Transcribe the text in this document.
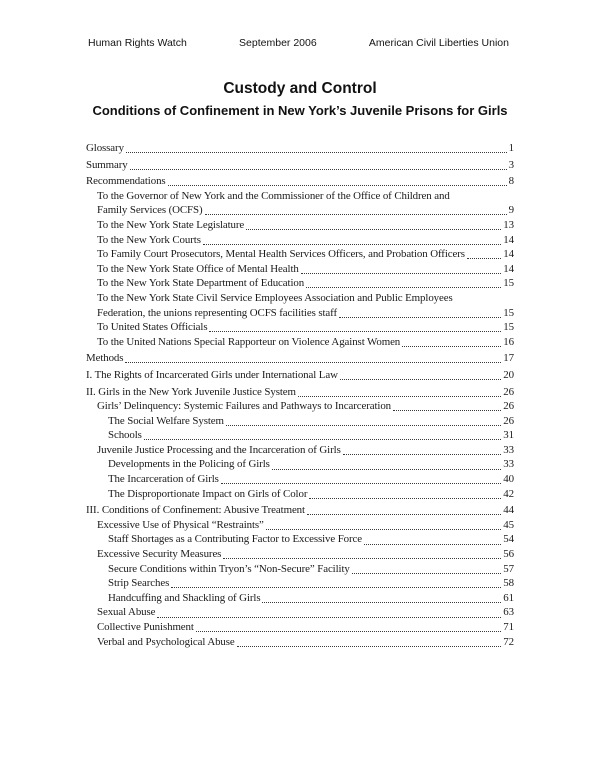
Human Rights Watch	September 2006	American Civil Liberties Union
Custody and Control
Conditions of Confinement in New York’s Juvenile Prisons for Girls
Glossary	1
Summary	3
Recommendations	8
To the Governor of New York and the Commissioner of the Office of Children and
Family Services (OCFS)	9
To the New York State Legislature	13
To the New York Courts	14
To Family Court Prosecutors, Mental Health Services Officers, and Probation Officers	14
To the New York State Office of Mental Health	14
To the New York State Department of Education	15
To the New York State Civil Service Employees Association and Public Employees
Federation, the unions representing OCFS facilities staff	15
To United States Officials	15
To the United Nations Special Rapporteur on Violence Against Women	16
Methods	17
I. The Rights of Incarcerated Girls under International Law	20
II. Girls in the New York Juvenile Justice System	26
Girls’ Delinquency: Systemic Failures and Pathways to Incarceration	26
The Social Welfare System	26
Schools	31
Juvenile Justice Processing and the Incarceration of Girls	33
Developments in the Policing of Girls	33
The Incarceration of Girls	40
The Disproportionate Impact on Girls of Color	42
III. Conditions of Confinement: Abusive Treatment	44
Excessive Use of Physical “Restraints”	45
Staff Shortages as a Contributing Factor to Excessive Force	54
Excessive Security Measures	56
Secure Conditions within Tryon’s “Non-Secure” Facility	57
Strip Searches	58
Handcuffing and Shackling of Girls	61
Sexual Abuse	63
Collective Punishment	71
Verbal and Psychological Abuse	72
